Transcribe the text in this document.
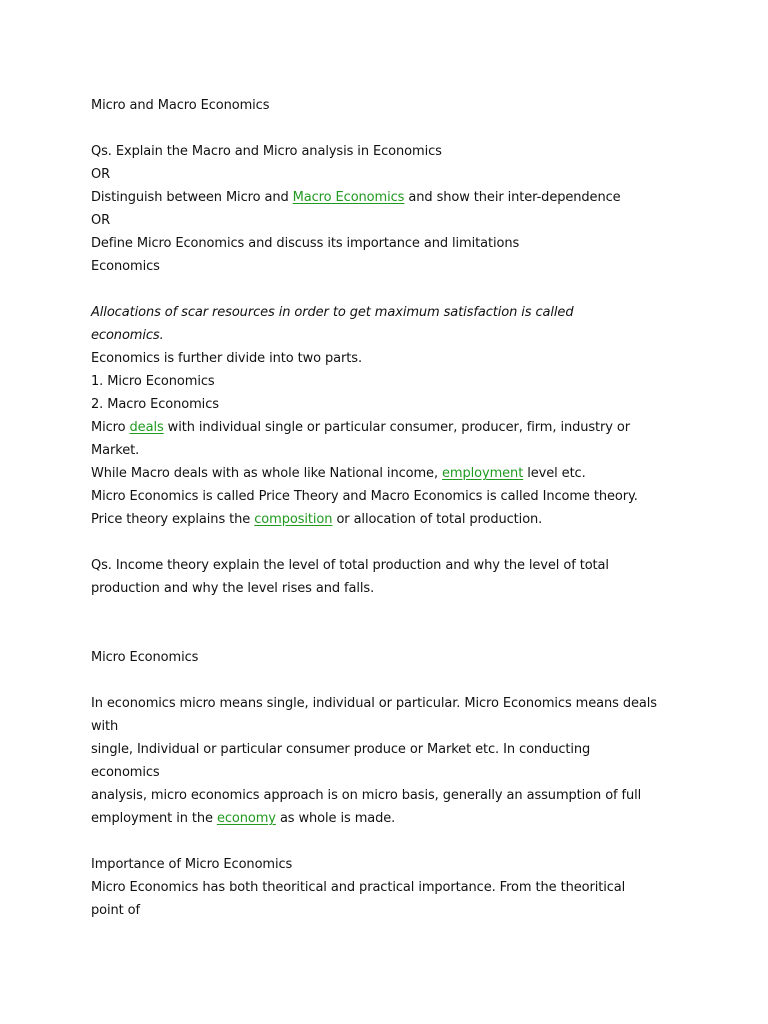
Micro and Macro Economics
Qs. Explain the Macro and Micro analysis in Economics
OR
Distinguish between Micro and Macro Economics and show their inter-dependence
OR
Define Micro Economics and discuss its importance and limitations
Economics
Allocations of scar resources in order to get maximum satisfaction is called
economics.
Economics is further divide into two parts.
1. Micro Economics
2. Macro Economics
Micro deals with individual single or particular consumer, producer, firm, industry or
Market.
While Macro deals with as whole like National income, employment level etc.
Micro Economics is called Price Theory and Macro Economics is called Income theory.
Price theory explains the composition or allocation of total production.
Qs. Income theory explain the level of total production and why the level of total
production and why the level rises and falls.
Micro Economics
In economics micro means single, individual or particular. Micro Economics means deals
with
single, Individual or particular consumer produce or Market etc. In conducting
economics
analysis, micro economics approach is on micro basis, generally an assumption of full
employment in the economy as whole is made.
Importance of Micro Economics
Micro Economics has both theoritical and practical importance. From the theoritical
point of
